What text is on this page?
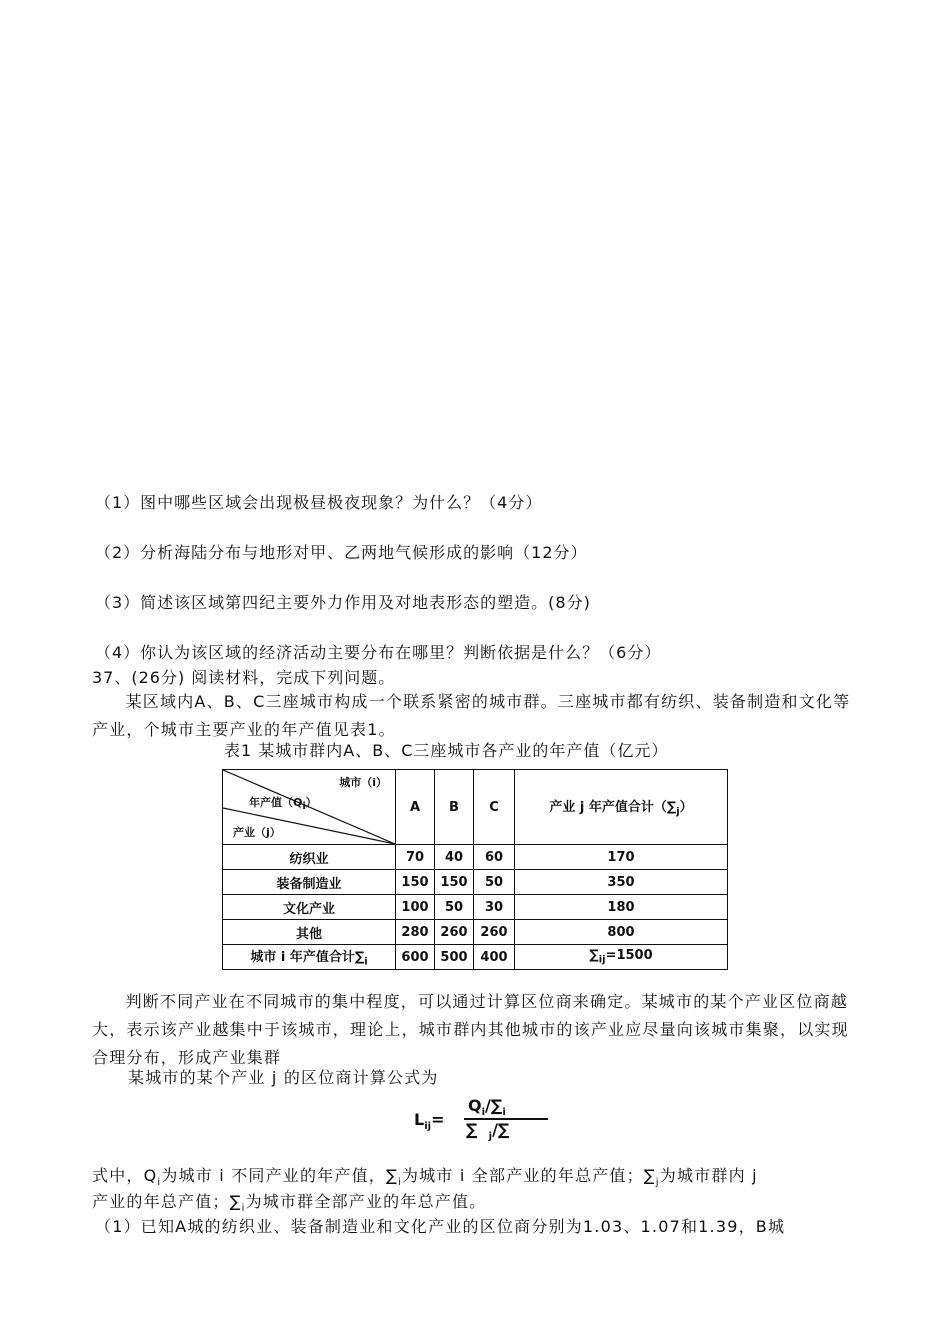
（1）图中哪些区域会出现极昼极夜现象？为什么？（4分）
（2）分析海陆分布与地形对甲、乙两地气候形成的影响（12分）
（3）简述该区域第四纪主要外力作用及对地表形态的塑造。(8分)
（4）你认为该区域的经济活动主要分布在哪里？判断依据是什么？（6分）
37、(26分) 阅读材料，完成下列问题。
某区域内A、B、C三座城市构成一个联系紧密的城市群。三座城市都有纺织、装备制造和文化等产业，个城市主要产业的年产值见表1。
表1 某城市群内A、B、C三座城市各产业的年产值（亿元）
城市（i）
年产值$(Q_i)$
产业（j）	A	B	C	产业 j 年产值合计$(\sum_j)$
纺织业	70	40	60	170
装备制造业	150	150	50	350
文化产业	100	50	30	180
其他	280	260	260	800
城市 i 年产值合计$\sum_i$	600	500	400	$\sum_{ij}=1500$
判断不同产业在不同城市的集中程度，可以通过计算区位商来确定。某城市的某个产业区位商越大，表示该产业越集中于该城市，理论上，城市群内其他城市的该产业应尽量向该城市集聚，以实现合理分布，形成产业集群
某城市的某个产业 j 的区位商计算公式为
$L_{ij}=$
$Q_i/\sum_i$
∑ $_j$/∑
式中，$Q_i$为城市 i 不同产业的年产值，$\sum_i$为城市 i 全部产业的年总产值；$\sum_j$为城市群内 j
产业的年总产值；$\sum_i$为城市群全部产业的年总产值。
（1）已知A城的纺织业、装备制造业和文化产业的区位商分别为1.03、1.07和1.39，B城
